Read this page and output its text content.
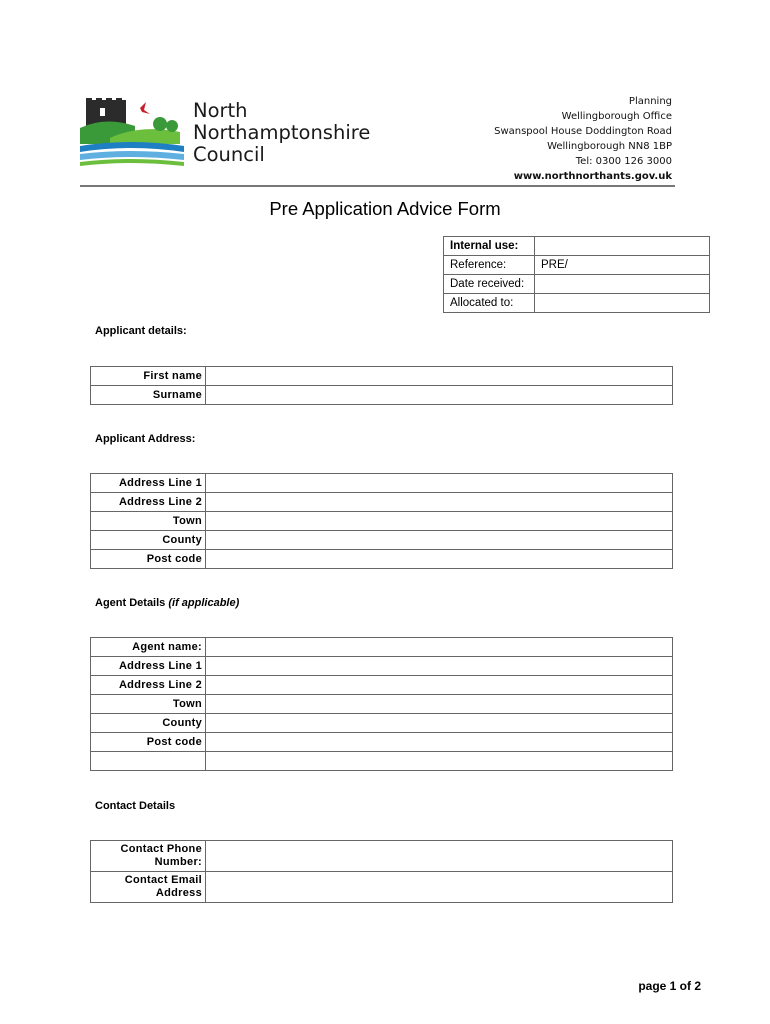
North
Northamptonshire
Council
Planning
Wellingborough Office
Swanspool House Doddington Road
Wellingborough NN8 1BP
Tel: 0300 126 3000
www.northnorthants.gov.uk
Pre Application Advice Form
Internal use:	
Reference:	PRE/
Date received:	
Allocated to:	
Applicant details:
First name	
Surname	
Applicant Address:
Address Line 1	
Address Line 2	
Town	
County	
Post code	
Agent Details (if applicable)
Agent name:	
Address Line 1	
Address Line 2	
Town	
County	
Post code	

Contact Details
Contact Phone Number:	
Contact Email Address	
page 1 of 2
